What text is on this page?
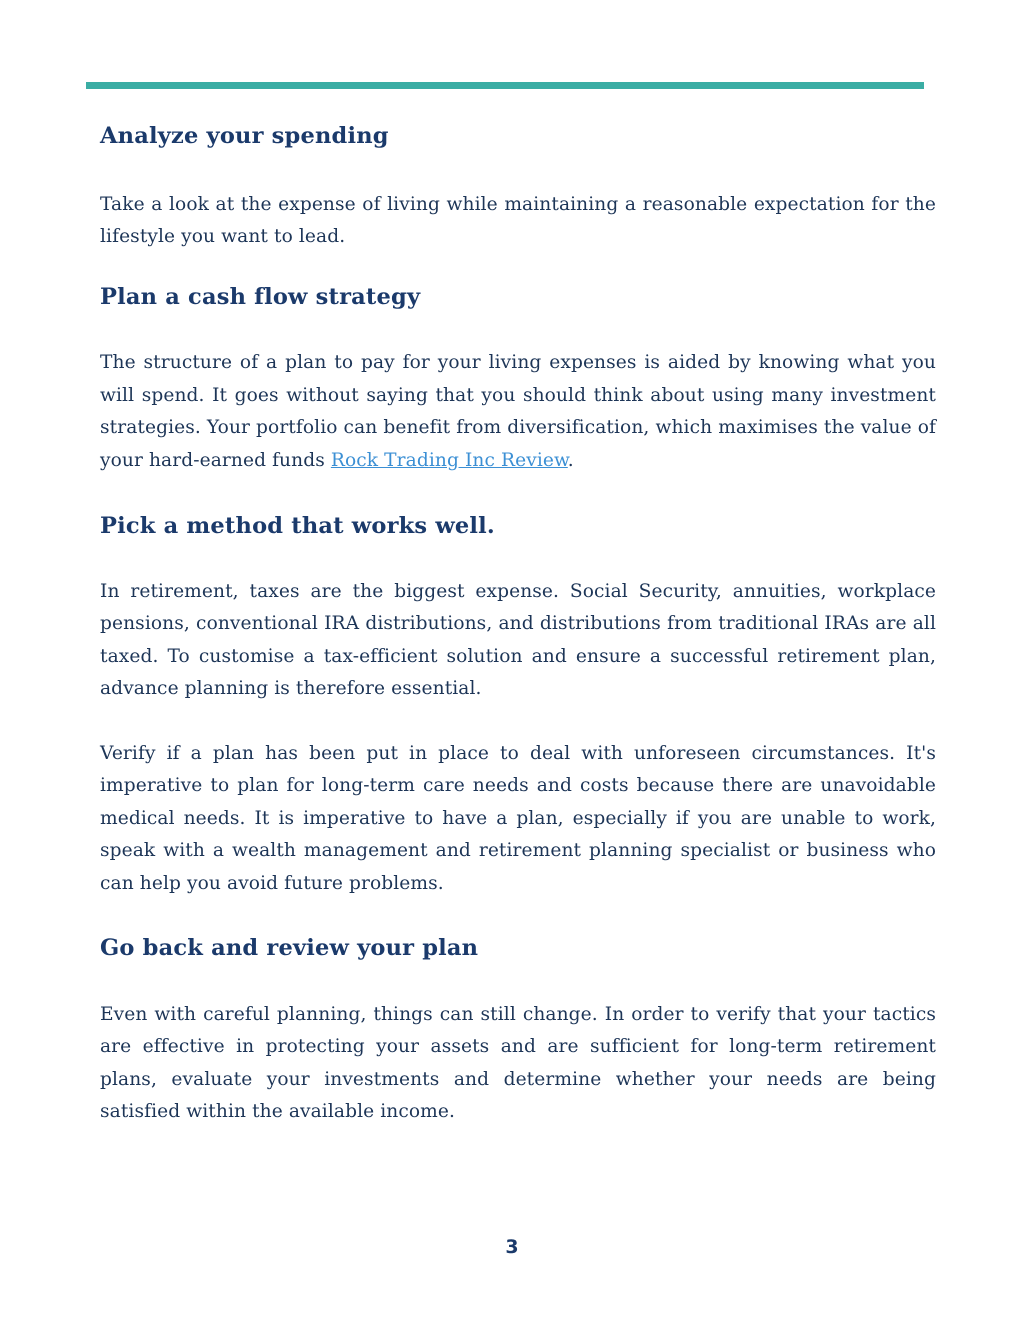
Analyze your spending

Take a look at the expense of living while maintaining a reasonable expectation for the lifestyle you want to lead.

Plan a cash flow strategy

The structure of a plan to pay for your living expenses is aided by knowing what you will spend. It goes without saying that you should think about using many investment strategies. Your portfolio can benefit from diversification, which maximises the value of your hard-earned funds Rock Trading Inc Review.

Pick a method that works well.

In retirement, taxes are the biggest expense. Social Security, annuities, workplace pensions, conventional IRA distributions, and distributions from traditional IRAs are all taxed. To customise a tax-efficient solution and ensure a successful retirement plan, advance planning is therefore essential.

Verify if a plan has been put in place to deal with unforeseen circumstances. It's imperative to plan for long-term care needs and costs because there are unavoidable medical needs. It is imperative to have a plan, especially if you are unable to work, speak with a wealth management and retirement planning specialist or business who can help you avoid future problems.

Go back and review your plan

Even with careful planning, things can still change. In order to verify that your tactics are effective in protecting your assets and are sufficient for long-term retirement plans, evaluate your investments and determine whether your needs are being satisfied within the available income.

3
